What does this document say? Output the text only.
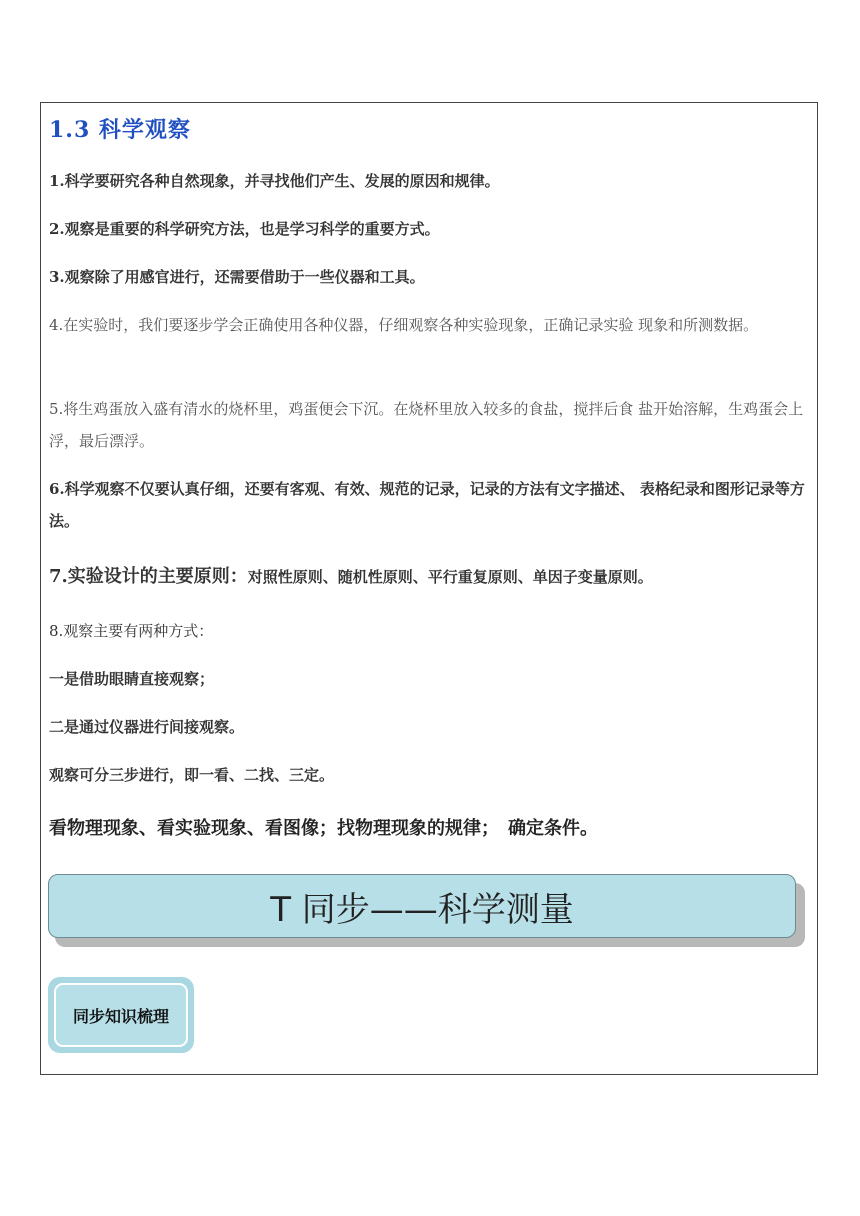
1.3 科学观察
1.科学要研究各种自然现象，并寻找他们产生、发展的原因和规律。
2.观察是重要的科学研究方法，也是学习科学的重要方式。
3.观察除了用感官进行，还需要借助于一些仪器和工具。
4.在实验时，我们要逐步学会正确使用各种仪器，仔细观察各种实验现象，正确记录实验 现象和所测数据。
5.将生鸡蛋放入盛有清水的烧杯里，鸡蛋便会下沉。在烧杯里放入较多的食盐，搅拌后食 盐开始溶解，生鸡蛋会上浮，最后漂浮。
6.科学观察不仅要认真仔细，还要有客观、有效、规范的记录，记录的方法有文字描述、 表格纪录和图形记录等方法。
7.实验设计的主要原则：对照性原则、随机性原则、平行重复原则、单因子变量原则。
8.观察主要有两种方式：
一是借助眼睛直接观察；
二是通过仪器进行间接观察。
观察可分三步进行，即一看、二找、三定。
看物理现象、看实验现象、看图像；找物理现象的规律；　确定条件。
T 同步——科学测量
同步知识梳理
